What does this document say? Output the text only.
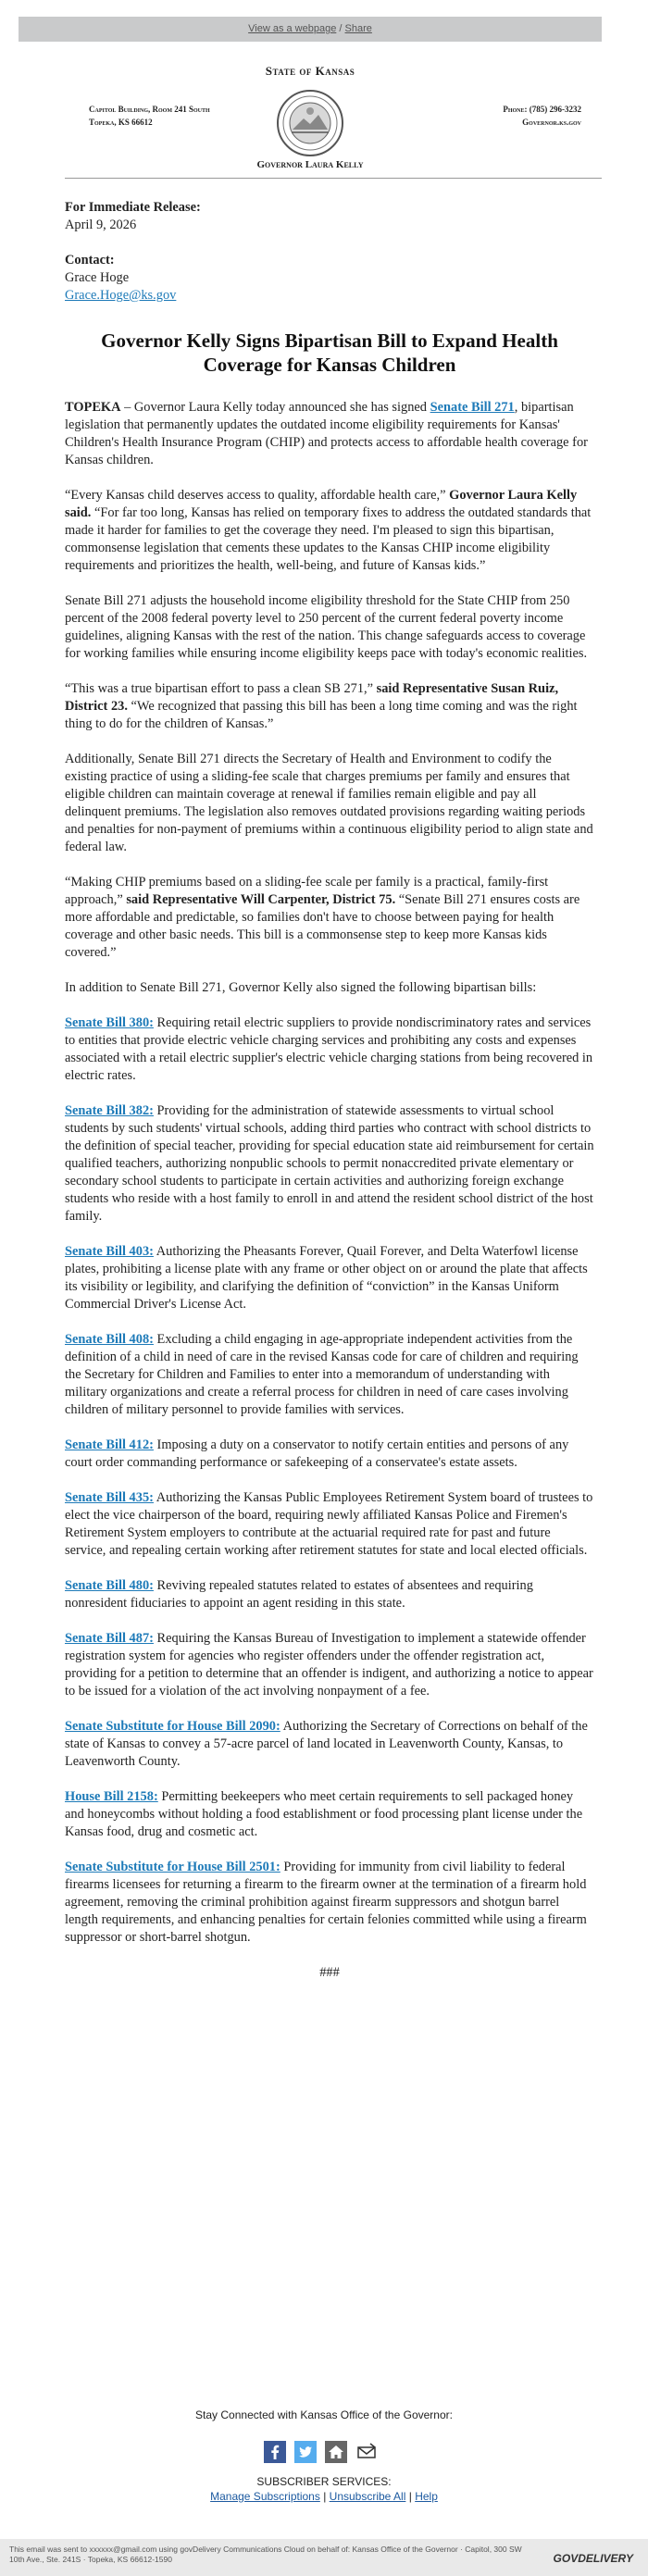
View as a webpage / Share
State of Kansas
Capitol Building, Room 241 South
Topeka, KS 66612
Phone: (785) 296-3232
Governor.ks.gov
Governor Laura Kelly

For Immediate Release:
April 9, 2026

Contact:
Grace Hoge
Grace.Hoge@ks.gov

Governor Kelly Signs Bipartisan Bill to Expand Health Coverage for Kansas Children

TOPEKA – Governor Laura Kelly today announced she has signed Senate Bill 271, bipartisan legislation that permanently updates the outdated income eligibility requirements for Kansas' Children's Health Insurance Program (CHIP) and protects access to affordable health coverage for Kansas children.

“Every Kansas child deserves access to quality, affordable health care,” Governor Laura Kelly said. “For far too long, Kansas has relied on temporary fixes to address the outdated standards that made it harder for families to get the coverage they need. I'm pleased to sign this bipartisan, commonsense legislation that cements these updates to the Kansas CHIP income eligibility requirements and prioritizes the health, well-being, and future of Kansas kids.”

Senate Bill 271 adjusts the household income eligibility threshold for the State CHIP from 250 percent of the 2008 federal poverty level to 250 percent of the current federal poverty income guidelines, aligning Kansas with the rest of the nation. This change safeguards access to coverage for working families while ensuring income eligibility keeps pace with today's economic realities.

“This was a true bipartisan effort to pass a clean SB 271,” said Representative Susan Ruiz, District 23. “We recognized that passing this bill has been a long time coming and was the right thing to do for the children of Kansas.”

Additionally, Senate Bill 271 directs the Secretary of Health and Environment to codify the existing practice of using a sliding-fee scale that charges premiums per family and ensures that eligible children can maintain coverage at renewal if families remain eligible and pay all delinquent premiums. The legislation also removes outdated provisions regarding waiting periods and penalties for non-payment of premiums within a continuous eligibility period to align state and federal law.

“Making CHIP premiums based on a sliding-fee scale per family is a practical, family-first approach,” said Representative Will Carpenter, District 75. “Senate Bill 271 ensures costs are more affordable and predictable, so families don't have to choose between paying for health coverage and other basic needs. This bill is a commonsense step to keep more Kansas kids covered.”

In addition to Senate Bill 271, Governor Kelly also signed the following bipartisan bills:

Senate Bill 380: Requiring retail electric suppliers to provide nondiscriminatory rates and services to entities that provide electric vehicle charging services and prohibiting any costs and expenses associated with a retail electric supplier's electric vehicle charging stations from being recovered in electric rates.

Senate Bill 382: Providing for the administration of statewide assessments to virtual school students by such students' virtual schools, adding third parties who contract with school districts to the definition of special teacher, providing for special education state aid reimbursement for certain qualified teachers, authorizing nonpublic schools to permit nonaccredited private elementary or secondary school students to participate in certain activities and authorizing foreign exchange students who reside with a host family to enroll in and attend the resident school district of the host family.

Senate Bill 403: Authorizing the Pheasants Forever, Quail Forever, and Delta Waterfowl license plates, prohibiting a license plate with any frame or other object on or around the plate that affects its visibility or legibility, and clarifying the definition of “conviction” in the Kansas Uniform Commercial Driver's License Act.

Senate Bill 408: Excluding a child engaging in age-appropriate independent activities from the definition of a child in need of care in the revised Kansas code for care of children and requiring the Secretary for Children and Families to enter into a memorandum of understanding with military organizations and create a referral process for children in need of care cases involving children of military personnel to provide families with services.

Senate Bill 412: Imposing a duty on a conservator to notify certain entities and persons of any court order commanding performance or safekeeping of a conservatee's estate assets.

Senate Bill 435: Authorizing the Kansas Public Employees Retirement System board of trustees to elect the vice chairperson of the board, requiring newly affiliated Kansas Police and Firemen's Retirement System employers to contribute at the actuarial required rate for past and future service, and repealing certain working after retirement statutes for state and local elected officials.

Senate Bill 480: Reviving repealed statutes related to estates of absentees and requiring nonresident fiduciaries to appoint an agent residing in this state.

Senate Bill 487: Requiring the Kansas Bureau of Investigation to implement a statewide offender registration system for agencies who register offenders under the offender registration act, providing for a petition to determine that an offender is indigent, and authorizing a notice to appear to be issued for a violation of the act involving nonpayment of a fee.

Senate Substitute for House Bill 2090: Authorizing the Secretary of Corrections on behalf of the state of Kansas to convey a 57-acre parcel of land located in Leavenworth County, Kansas, to Leavenworth County.

House Bill 2158: Permitting beekeepers who meet certain requirements to sell packaged honey and honeycombs without holding a food establishment or food processing plant license under the Kansas food, drug and cosmetic act.

Senate Substitute for House Bill 2501: Providing for immunity from civil liability to federal firearms licensees for returning a firearm to the firearm owner at the termination of a firearm hold agreement, removing the criminal prohibition against firearm suppressors and shotgun barrel length requirements, and enhancing penalties for certain felonies committed while using a firearm suppressor or short-barrel shotgun.

###

Stay Connected with Kansas Office of the Governor:
SUBSCRIBER SERVICES:
Manage Subscriptions | Unsubscribe All | Help
This email was sent to xxxxxx@gmail.com using govDelivery Communications Cloud on behalf of: Kansas Office of the Governor · Capitol, 300 SW 10th Ave., Ste. 241S · Topeka, KS 66612-1590	GOVDELIVERY
